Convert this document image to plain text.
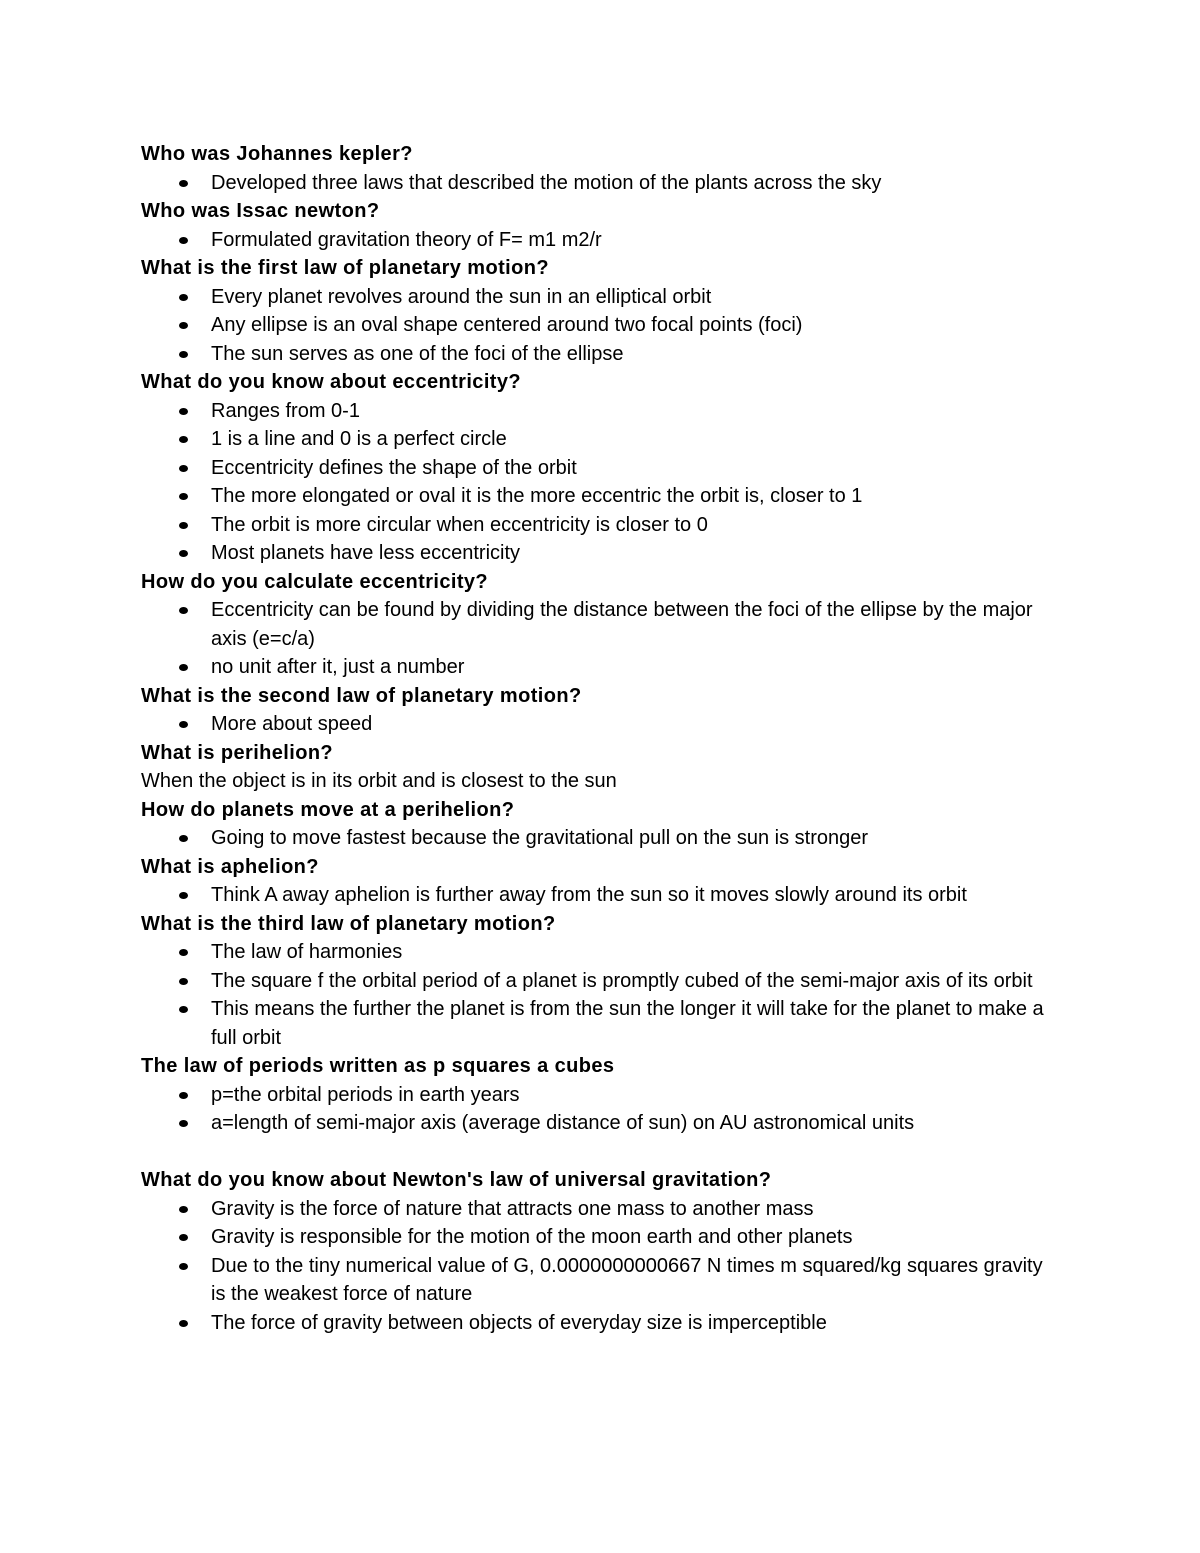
Who was Johannes kepler?
Developed three laws that described the motion of the plants across the sky
Who was Issac newton?
Formulated gravitation theory of F= m1 m2/r
What is the first law of planetary motion?
Every planet revolves around the sun in an elliptical orbit
Any ellipse is an oval shape centered around two focal points (foci)
The sun serves as one of the foci of the ellipse
What do you know about eccentricity?
Ranges from 0-1
1 is a line and 0 is a perfect circle
Eccentricity defines the shape of the orbit
The more elongated or oval it is the more eccentric the orbit is, closer to 1
The orbit is more circular when eccentricity is closer to 0
Most planets have less eccentricity
How do you calculate eccentricity?
Eccentricity can be found by dividing the distance between the foci of the ellipse by the major axis (e=c/a)
no unit after it, just a number
What is the second law of planetary motion?
More about speed
What is perihelion?
When the object is in its orbit and is closest to the sun
How do planets move at a perihelion?
Going to move fastest because the gravitational pull on the sun is stronger
What is aphelion?
Think A away aphelion is further away from the sun so it moves slowly around its orbit
What is the third law of planetary motion?
The law of harmonies
The square f the orbital period of a planet is promptly cubed of the semi-major axis of its orbit
This means the further the planet is from the sun the longer it will take for the planet to make a full orbit
The law of periods written as p squares a cubes
p=the orbital periods in earth years
a=length of semi-major axis (average distance of sun) on AU astronomical units
What do you know about Newton's law of universal gravitation?
Gravity is the force of nature that attracts one mass to another mass
Gravity is responsible for the motion of the moon earth and other planets
Due to the tiny numerical value of G, 0.0000000000667 N times m squared/kg squares gravity is the weakest force of nature
The force of gravity between objects of everyday size is imperceptible
